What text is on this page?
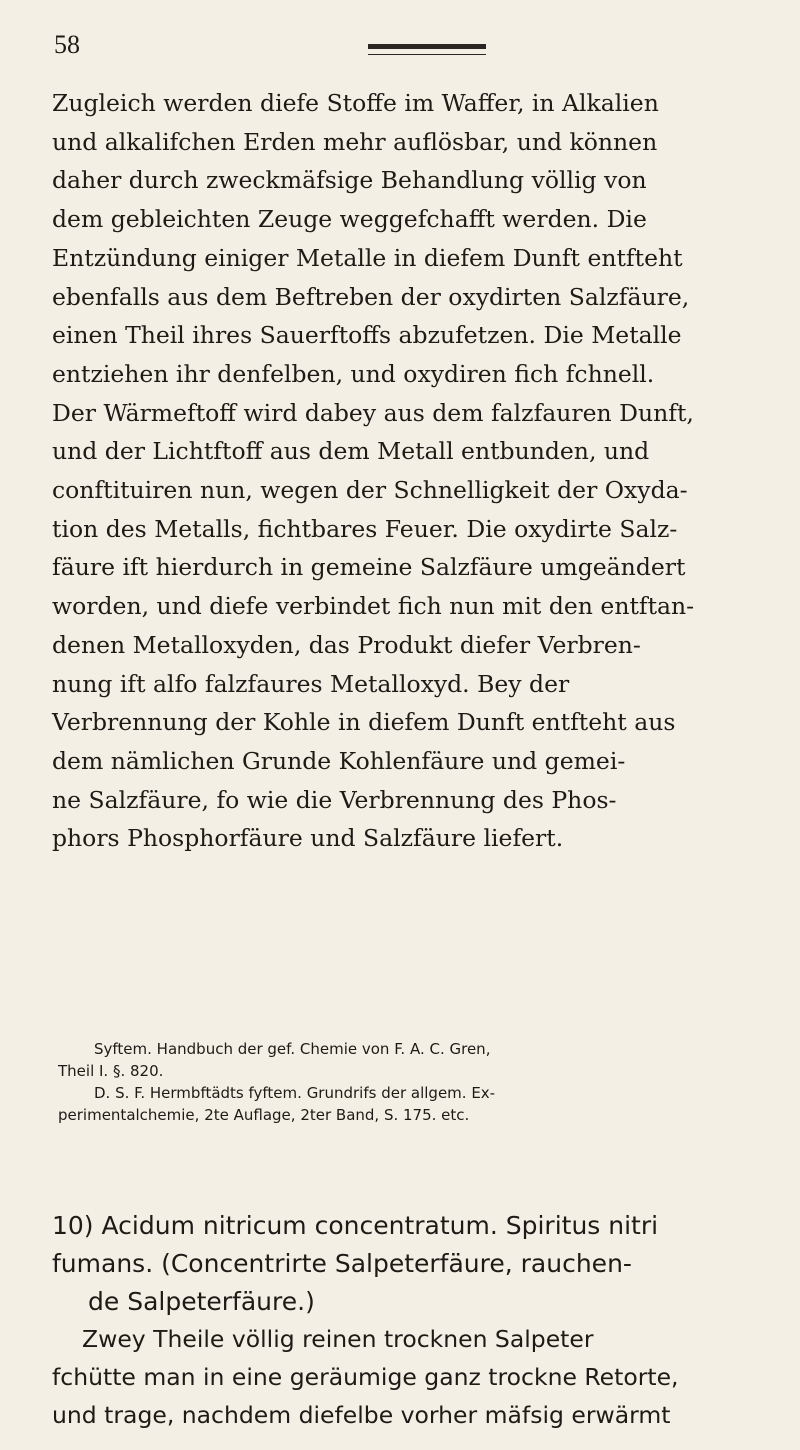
58
Zugleich werden diefe Stoffe im Waffer, in Alkalien
und alkalifchen Erden mehr auflösbar, und können
daher durch zweckmäfsige Behandlung völlig von
dem gebleichten Zeuge weggefchafft werden. Die
Entzündung einiger Metalle in diefem Dunft entfteht
ebenfalls aus dem Beftreben der oxydirten Salzfäure,
einen Theil ihres Sauerftoffs abzufetzen. Die Metalle
entziehen ihr denfelben, und oxydiren fich fchnell.
Der Wärmeftoff wird dabey aus dem falzfauren Dunft,
und der Lichtftoff aus dem Metall entbunden, und
conftituiren nun, wegen der Schnelligkeit der Oxyda-
tion des Metalls, fichtbares Feuer. Die oxydirte Salz-
fäure ift hierdurch in gemeine Salzfäure umgeändert
worden, und diefe verbindet fich nun mit den entftan-
denen Metalloxyden, das Produkt diefer Verbren-
nung ift alfo falzfaures Metalloxyd. Bey der
Verbrennung der Kohle in diefem Dunft entfteht aus
dem nämlichen Grunde Kohlenfäure und gemei-
ne Salzfäure, fo wie die Verbrennung des Phos-
phors Phosphorfäure und Salzfäure liefert.
Syftem. Handbuch der gef. Chemie von F. A. C. Gren,
Theil I. §. 820.
D. S. F. Hermbftädts fyftem. Grundrifs der allgem. Ex-
perimentalchemie, 2te Auflage, 2ter Band, S. 175. etc.
10) Acidum nitricum concentratum. Spiritus nitri
fumans. (Concentrirte Salpeterfäure, rauchen-
de Salpeterfäure.)
Zwey Theile völlig reinen trocknen Salpeter
fchütte man in eine geräumige ganz trockne Retorte,
und trage, nachdem diefelbe vorher mäfsig erwärmt
